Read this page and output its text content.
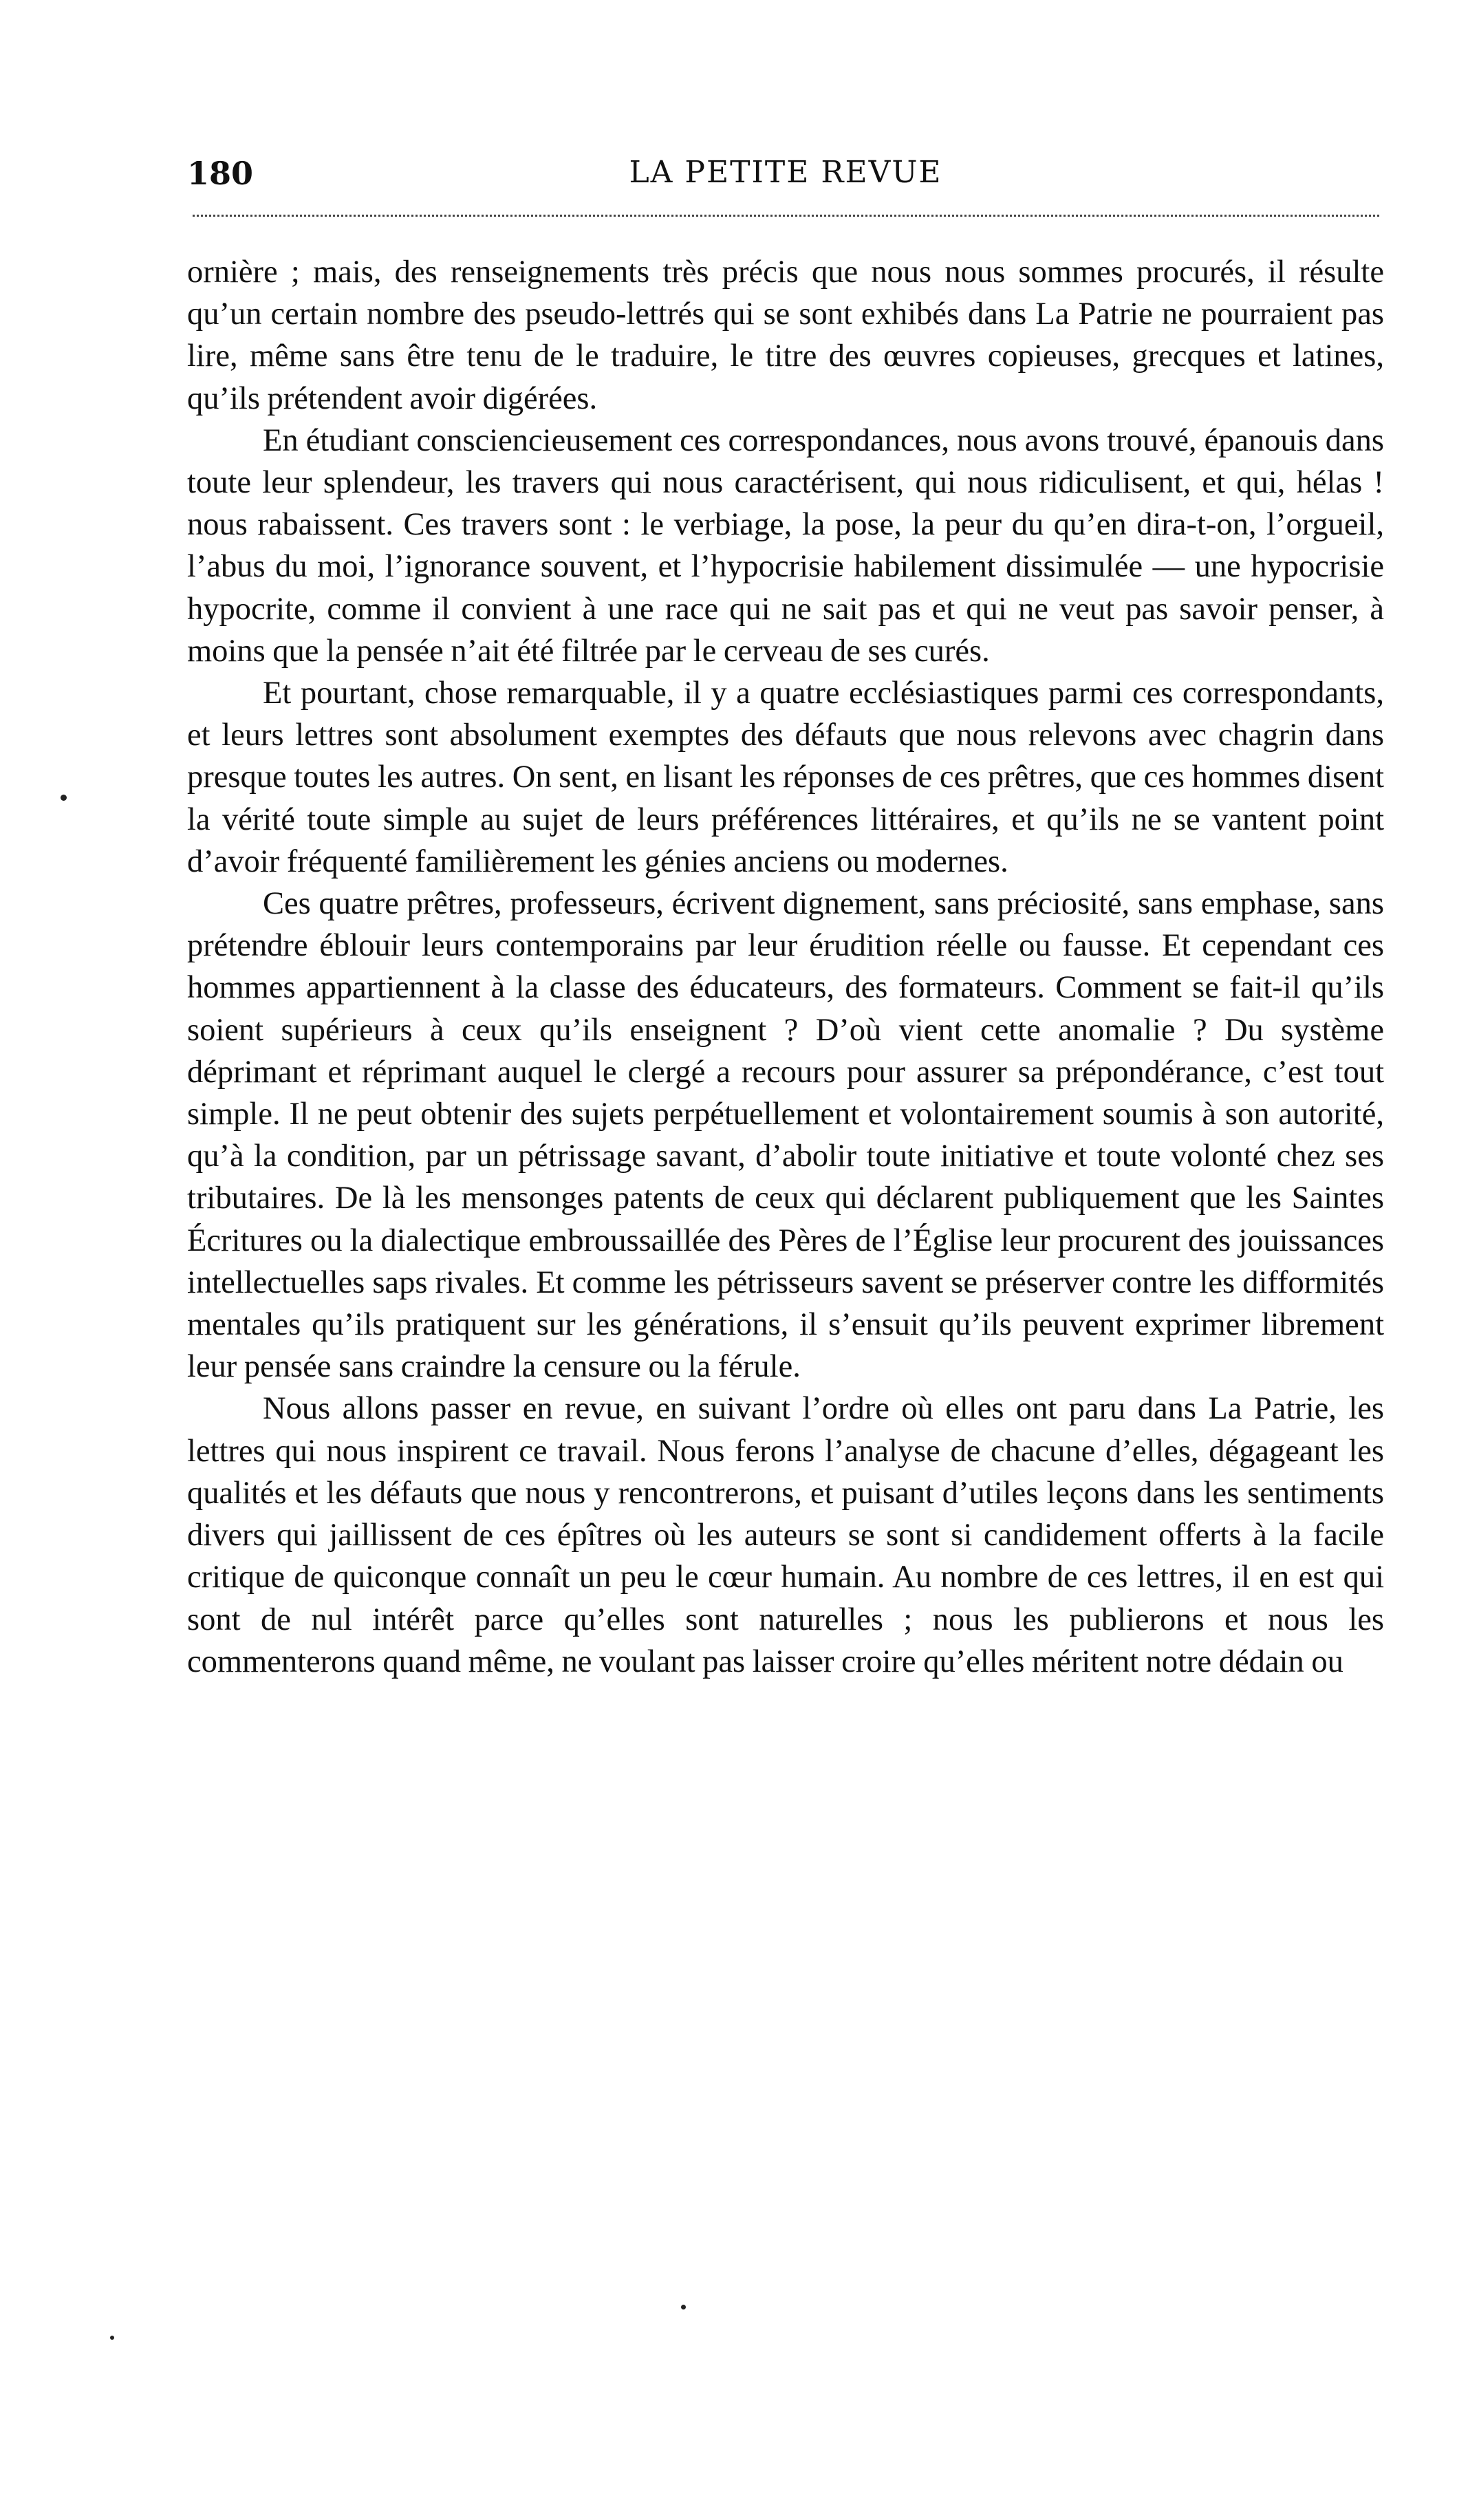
180	LA PETITE REVUE

ornière ; mais, des renseignements très précis que nous nous sommes procurés, il résulte qu’un certain nombre des pseudo-lettrés qui se sont exhibés dans La Patrie ne pourraient pas lire, même sans être tenu de le traduire, le titre des œuvres copieuses, grecques et latines, qu’ils prétendent avoir digérées.

En étudiant consciencieusement ces correspondances, nous avons trouvé, épanouis dans toute leur splendeur, les travers qui nous caractérisent, qui nous ridiculisent, et qui, hélas ! nous rabaissent. Ces travers sont : le verbiage, la pose, la peur du qu’en dira-t-on, l’orgueil, l’abus du moi, l’ignorance souvent, et l’hypocrisie habilement dissimulée — une hypocrisie hypocrite, comme il convient à une race qui ne sait pas et qui ne veut pas savoir penser, à moins que la pensée n’ait été filtrée par le cerveau de ses curés.

Et pourtant, chose remarquable, il y a quatre ecclésiastiques parmi ces correspondants, et leurs lettres sont absolument exemptes des défauts que nous relevons avec chagrin dans presque toutes les autres. On sent, en lisant les réponses de ces prêtres, que ces hommes disent la vérité toute simple au sujet de leurs préférences littéraires, et qu’ils ne se vantent point d’avoir fréquenté familièrement les génies anciens ou modernes.

Ces quatre prêtres, professeurs, écrivent dignement, sans préciosité, sans emphase, sans prétendre éblouir leurs contemporains par leur érudition réelle ou fausse. Et cependant ces hommes appartiennent à la classe des éducateurs, des formateurs. Comment se fait-il qu’ils soient supérieurs à ceux qu’ils enseignent ? D’où vient cette anomalie ? Du système déprimant et réprimant auquel le clergé a recours pour assurer sa prépondérance, c’est tout simple. Il ne peut obtenir des sujets perpétuellement et volontairement soumis à son autorité, qu’à la condition, par un pétrissage savant, d’abolir toute initiative et toute volonté chez ses tributaires. De là les mensonges patents de ceux qui déclarent publiquement que les Saintes Écritures ou la dialectique embroussaillée des Pères de l’Église leur procurent des jouissances intellectuelles saps rivales. Et comme les pétrisseurs savent se préserver contre les difformités mentales qu’ils pratiquent sur les générations, il s’ensuit qu’ils peuvent exprimer librement leur pensée sans craindre la censure ou la férule.

Nous allons passer en revue, en suivant l’ordre où elles ont paru dans La Patrie, les lettres qui nous inspirent ce travail. Nous ferons l’analyse de chacune d’elles, dégageant les qualités et les défauts que nous y rencontrerons, et puisant d’utiles leçons dans les sentiments divers qui jaillissent de ces épîtres où les auteurs se sont si candidement offerts à la facile critique de quiconque connaît un peu le cœur humain. Au nombre de ces lettres, il en est qui sont de nul intérêt parce qu’elles sont naturelles ; nous les publierons et nous les commenterons quand même, ne voulant pas laisser croire qu’elles méritent notre dédain ou
